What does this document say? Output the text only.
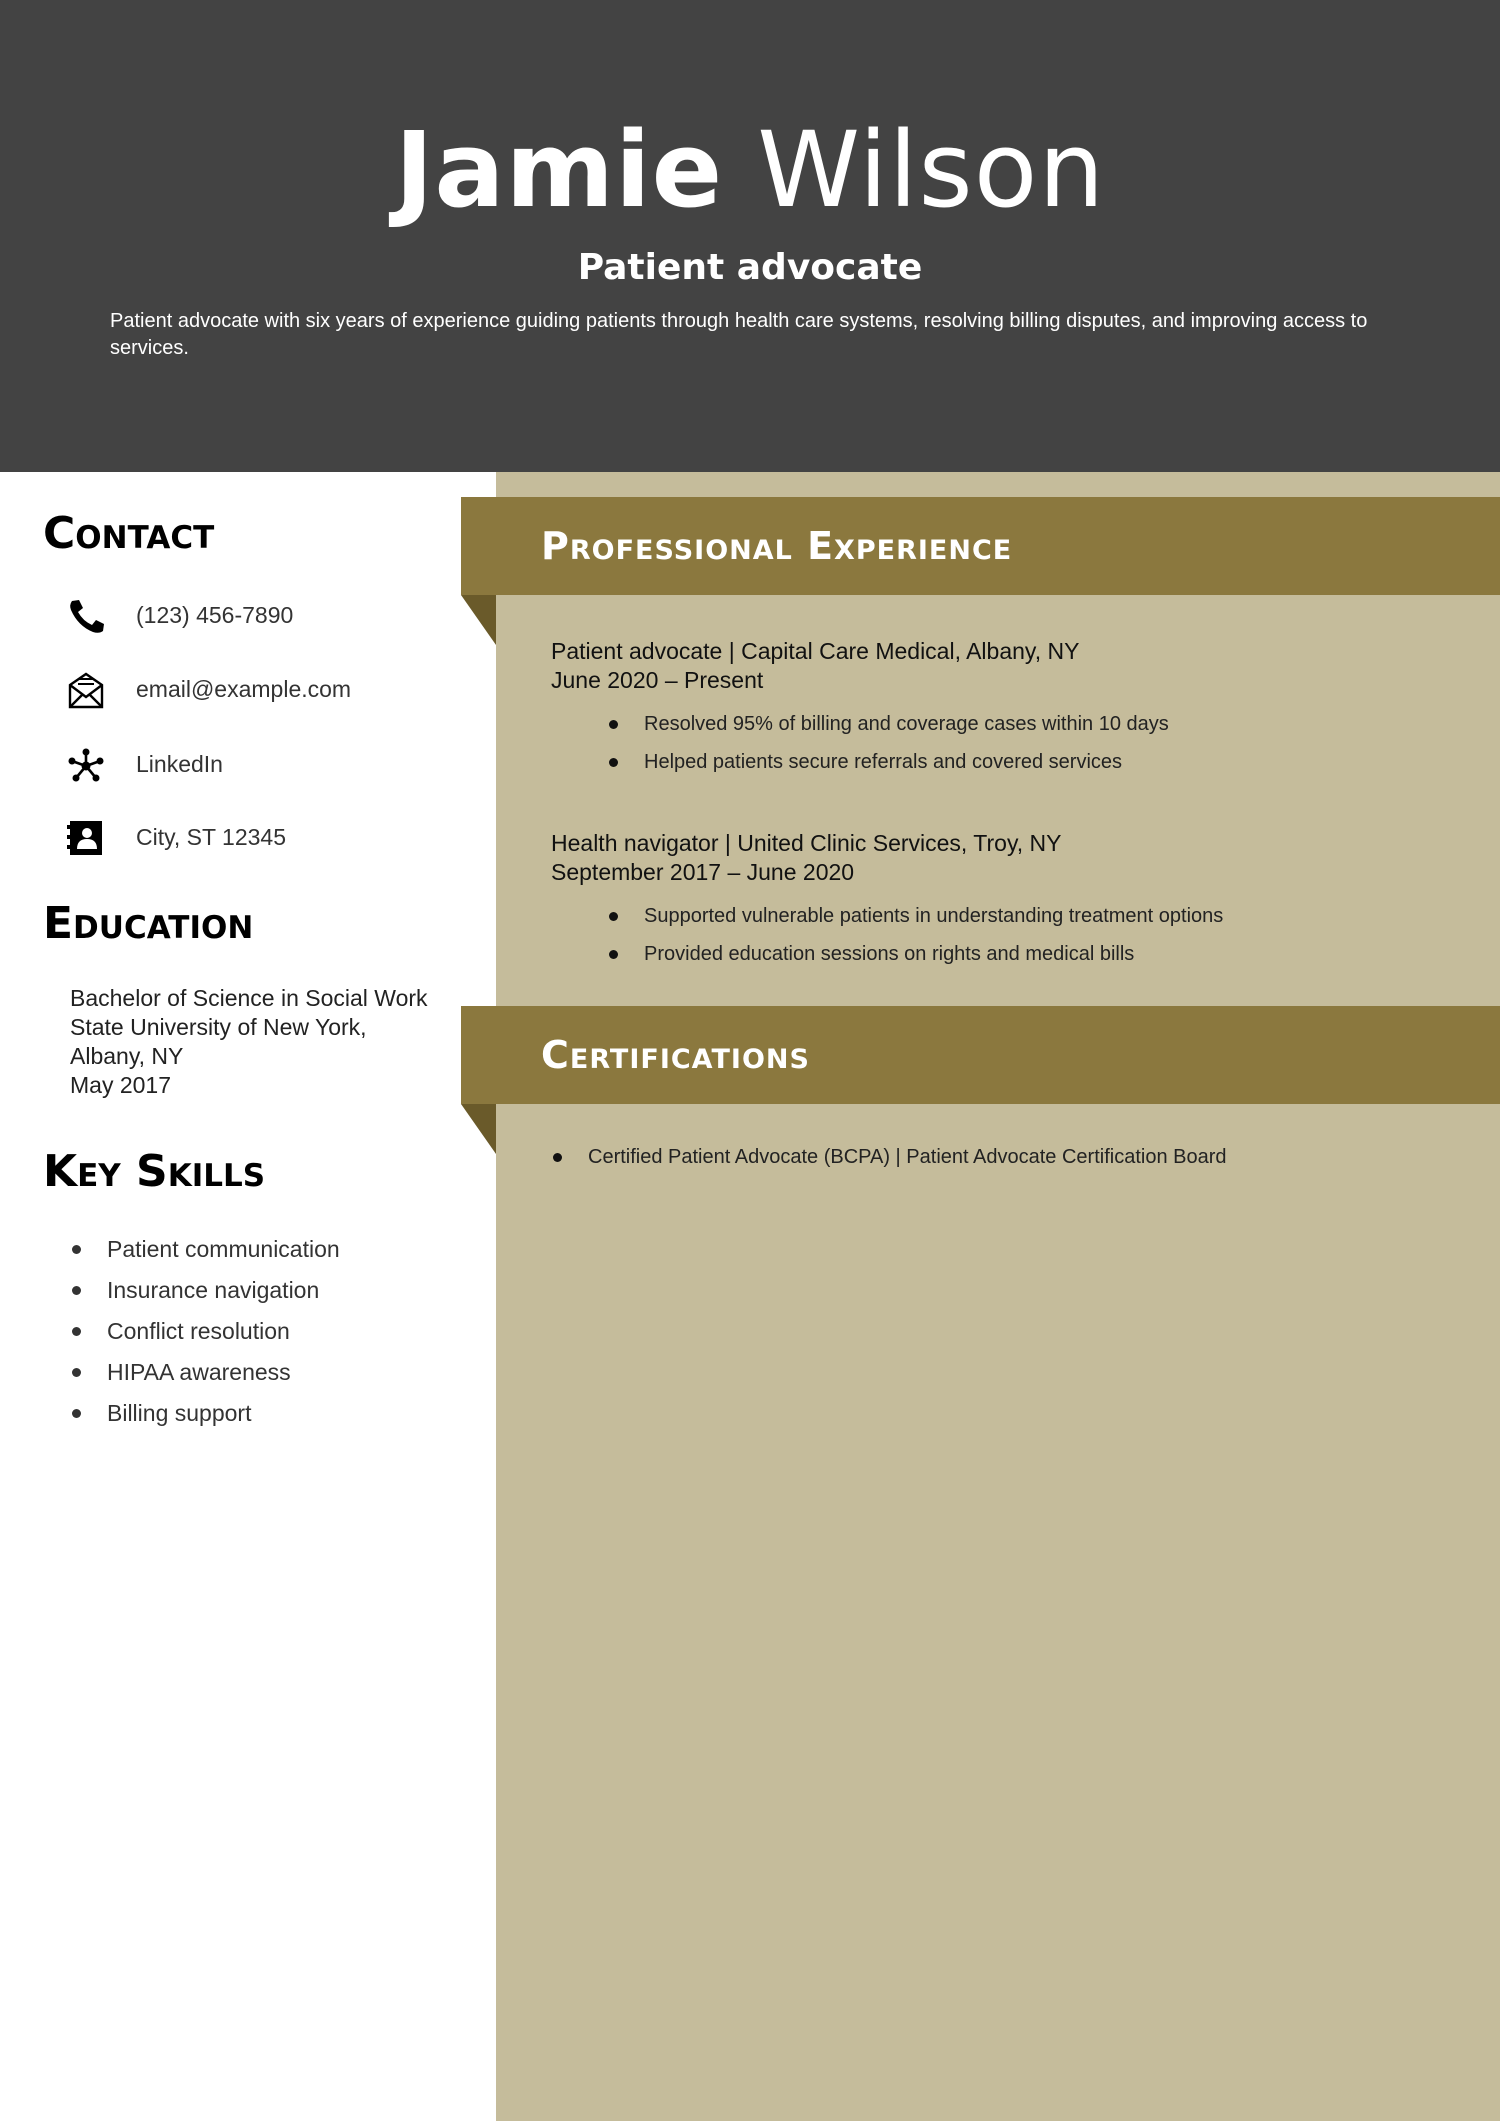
Jamie Wilson
Patient advocate
Patient advocate with six years of experience guiding patients through health care systems, resolving billing disputes, and improving access to services.
Professional Experience

Patient advocate | Capital Care Medical, Albany, NY

June 2020 – Present

Resolved 95% of billing and coverage cases within 10 days
Helped patients secure referrals and covered services

Health navigator | United Clinic Services, Troy, NY

September 2017 – June 2020

Supported vulnerable patients in understanding treatment options
Provided education sessions on rights and medical bills
Certifications
Certified Patient Advocate (BCPA) | Patient Advocate Certification Board
Contact
(123) 456-7890
email@example.com
LinkedIn
City, ST 12345
Education
Bachelor of Science in Social Work
State University of New York,
Albany, NY
May 2017
Key Skills
Patient communication
Insurance navigation
Conflict resolution
HIPAA awareness
Billing support
